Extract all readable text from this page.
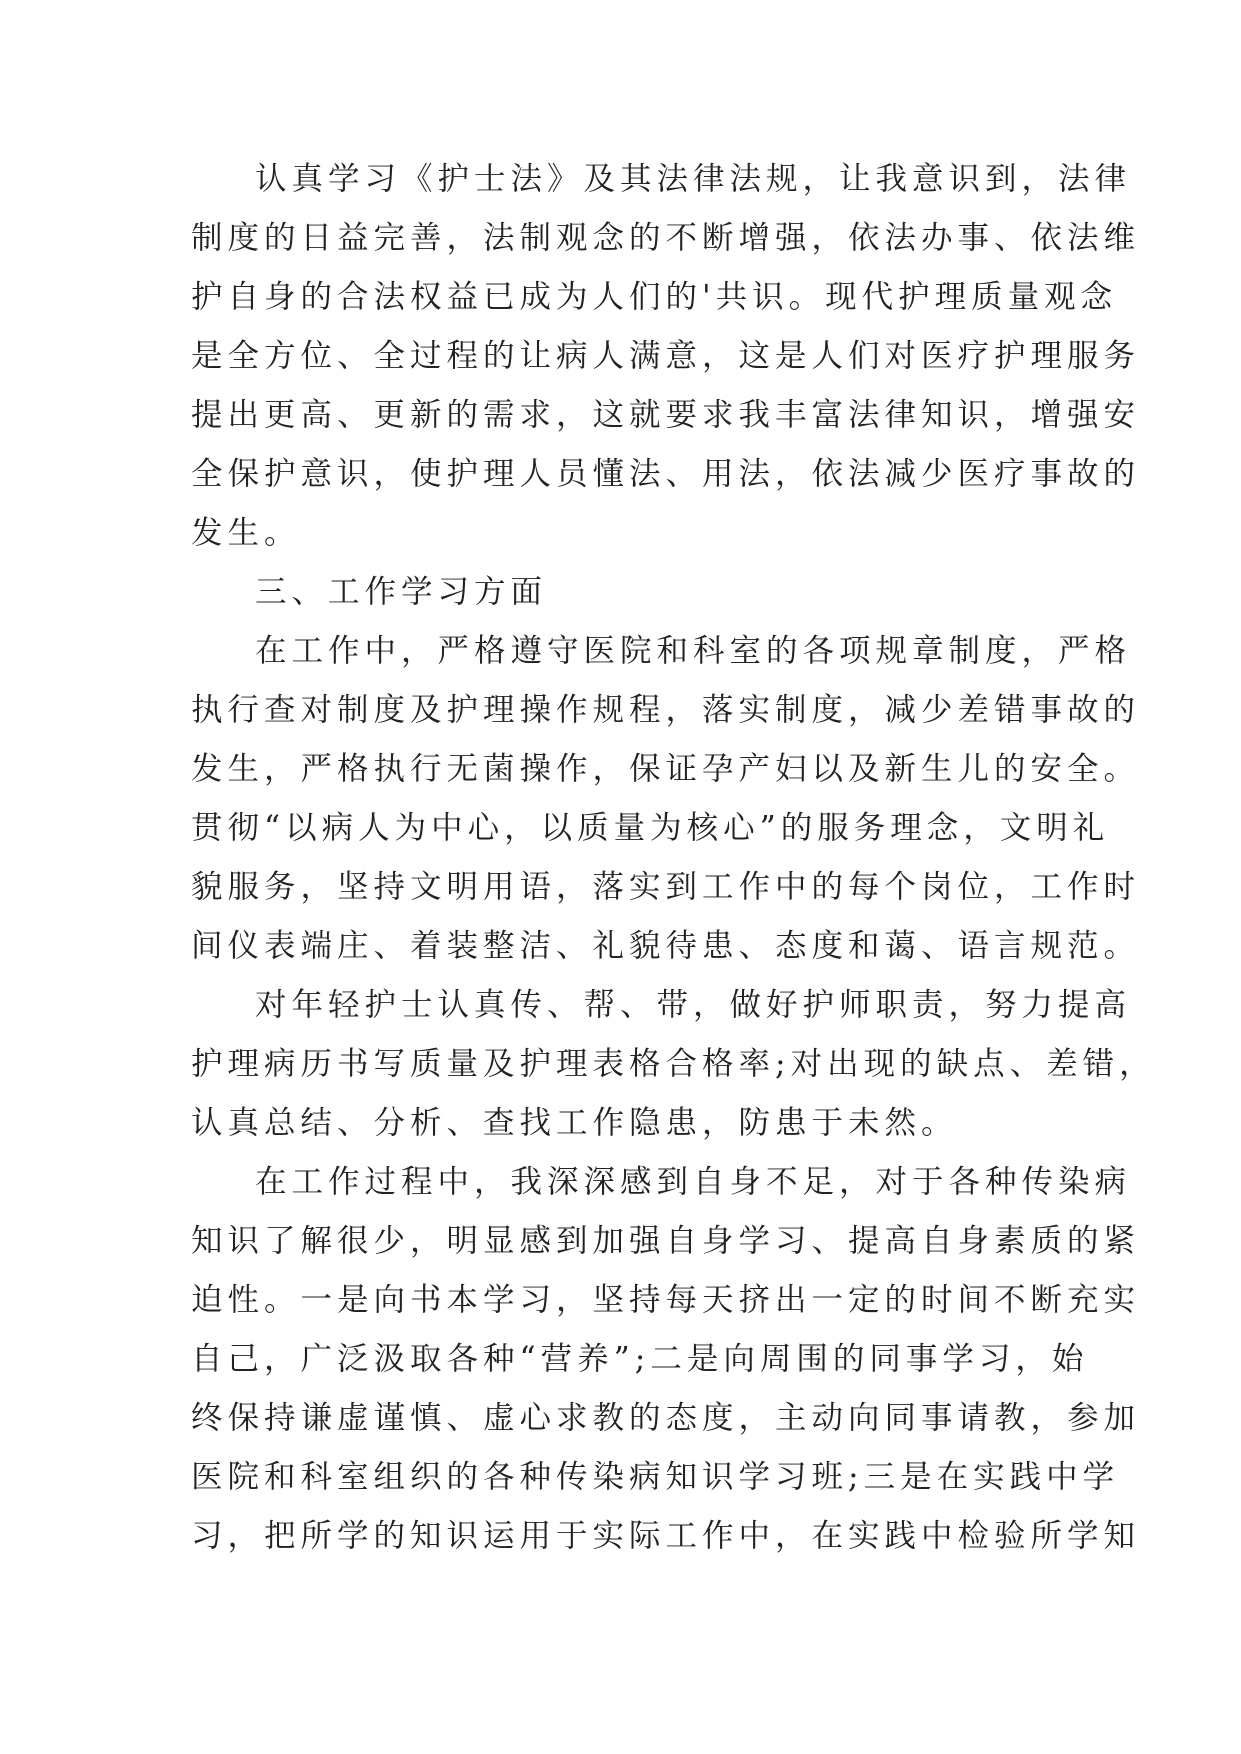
认真学习《护士法》及其法律法规，让我意识到，法律
制度的日益完善，法制观念的不断增强，依法办事、依法维
护自身的合法权益已成为人们的'共识。现代护理质量观念
是全方位、全过程的让病人满意，这是人们对医疗护理服务
提出更高、更新的需求，这就要求我丰富法律知识，增强安
全保护意识，使护理人员懂法、用法，依法减少医疗事故的
发生。
三、工作学习方面
在工作中，严格遵守医院和科室的各项规章制度，严格
执行查对制度及护理操作规程，落实制度，减少差错事故的
发生，严格执行无菌操作，保证孕产妇以及新生儿的安全。
贯彻“以病人为中心，以质量为核心”的服务理念，文明礼
貌服务，坚持文明用语，落实到工作中的每个岗位，工作时
间仪表端庄、着装整洁、礼貌待患、态度和蔼、语言规范。
对年轻护士认真传、帮、带，做好护师职责，努力提高
护理病历书写质量及护理表格合格率;对出现的缺点、差错，
认真总结、分析、查找工作隐患，防患于未然。
在工作过程中，我深深感到自身不足，对于各种传染病
知识了解很少，明显感到加强自身学习、提高自身素质的紧
迫性。一是向书本学习，坚持每天挤出一定的时间不断充实
自己，广泛汲取各种“营养”;二是向周围的同事学习，始
终保持谦虚谨慎、虚心求教的态度，主动向同事请教，参加
医院和科室组织的各种传染病知识学习班;三是在实践中学
习，把所学的知识运用于实际工作中，在实践中检验所学知
